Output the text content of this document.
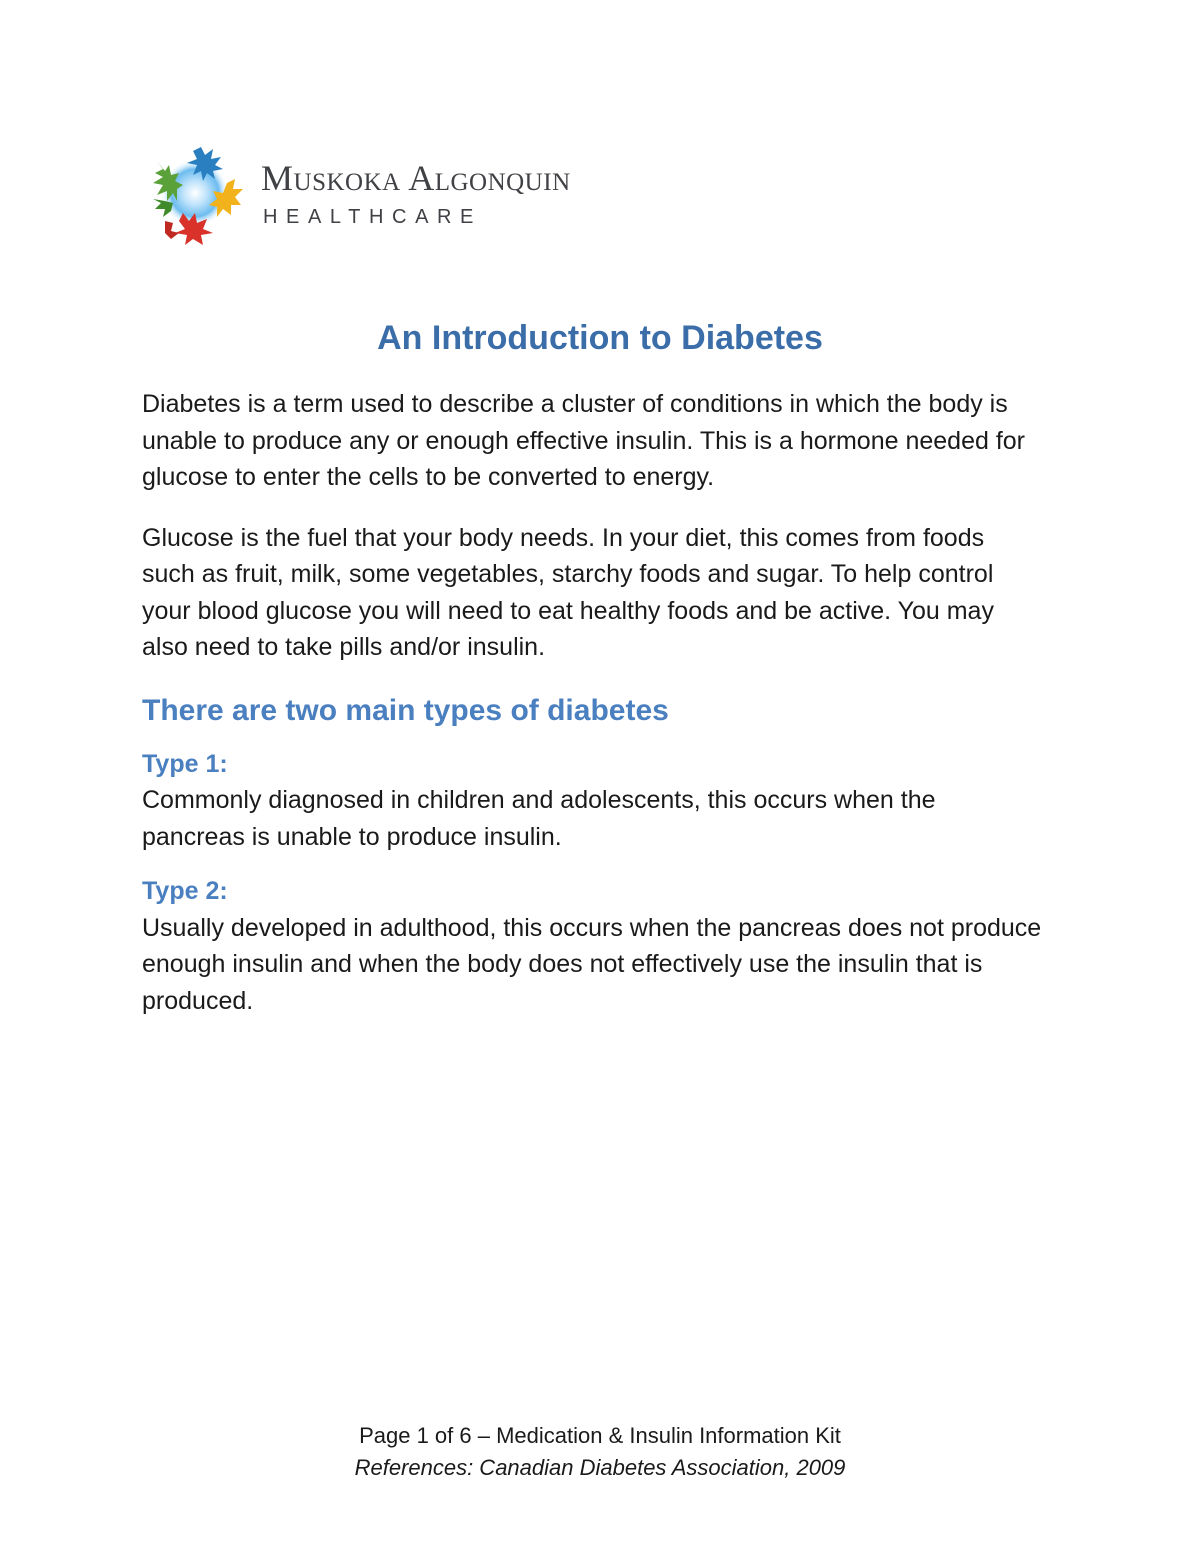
Muskoka Algonquin
HEALTHCARE
An Introduction to Diabetes

Diabetes is a term used to describe a cluster of conditions in which the body is unable to produce any or enough effective insulin. This is a hormone needed for glucose to enter the cells to be converted to energy.

Glucose is the fuel that your body needs. In your diet, this comes from foods such as fruit, milk, some vegetables, starchy foods and sugar. To help control your blood glucose you will need to eat healthy foods and be active. You may also need to take pills and/or insulin.

There are two main types of diabetes
Type 1:

Commonly diagnosed in children and adolescents, this occurs when the pancreas is unable to produce insulin.

Type 2:

Usually developed in adulthood, this occurs when the pancreas does not produce enough insulin and when the body does not effectively use the insulin that is produced.

Page 1 of 6 – Medication & Insulin Information Kit
References: Canadian Diabetes Association, 2009
